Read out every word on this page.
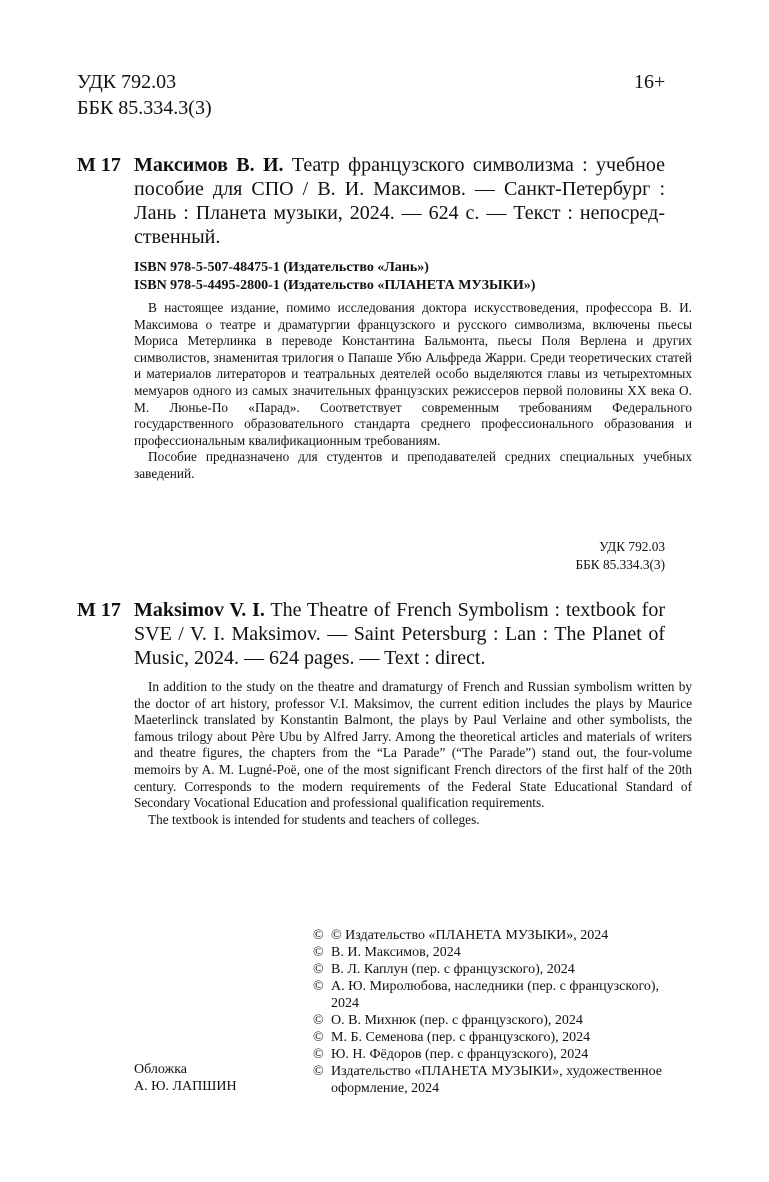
УДК 792.03
ББК 85.334.3(3)
16+
М 17 Максимов В. И. Театр французского символизма : учебное пособие для СПО / В. И. Максимов. — Санкт-Петербург : Лань : Планета музыки, 2024. — 624 с. — Текст : непосредственный.
ISBN 978-5-507-48475-1 (Издательство «Лань»)
ISBN 978-5-4495-2800-1 (Издательство «ПЛАНЕТА МУЗЫКИ»)

В настоящее издание, помимо исследования доктора искусствоведения, профессора В. И. Максимова о театре и драматургии французского и русского символизма, включены пьесы Мориса Метерлинка в переводе Константина Бальмонта, пьесы Поля Верлена и других символистов, знаменитая трилогия о Папаше Убю Альфреда Жарри. Среди теоретических статей и материалов литераторов и театральных деятелей особо выделяются главы из четырехтомных мемуаров одного из самых значительных французских режиссеров первой половины XX века О. М. Люнье-По «Парад». Соответствует современным требованиям Федерального государственного образовательного стандарта среднего профессионального образования и профессиональным квалификационным требованиям.

Пособие предназначено для студентов и преподавателей средних специальных учебных заведений.

УДК 792.03
ББК 85.334.3(3)
М 17 Maksimov V. I. The Theatre of French Symbolism : textbook for SVE / V. I. Maksimov. — Saint Petersburg : Lan : The Planet of Music, 2024. — 624 pages. — Text : direct.

In addition to the study on the theatre and dramaturgy of French and Russian symbolism written by the doctor of art history, professor V.I. Maksimov, the current edition includes the plays by Maurice Maeterlinck translated by Konstantin Balmont, the plays by Paul Verlaine and other symbolists, the famous trilogy about Père Ubu by Alfred Jarry. Among the theoretical articles and materials of writers and theatre figures, the chapters from the “La Parade” (“The Parade”) stand out, the four-volume memoirs by A. M. Lugné-Poë, one of the most significant French directors of the first half of the 20th century. Corresponds to the modern requirements of the Federal State Educational Standard of Secondary Vocational Education and professional qualification requirements.

The textbook is intended for students and teachers of colleges.

© © Издательство «ПЛАНЕТА МУЗЫКИ», 2024
© В. И. Максимов, 2024
© В. Л. Каплун (пер. с французского), 2024
© А. Ю. Миролюбова, наследники (пер. с французского), 2024
© О. В. Михнюк (пер. с французского), 2024
© М. Б. Семенова (пер. с французского), 2024
© Ю. Н. Фёдоров (пер. с французского), 2024
© Издательство «ПЛАНЕТА МУЗЫКИ», художественное оформление, 2024
Обложка
А. Ю. ЛАПШИН
